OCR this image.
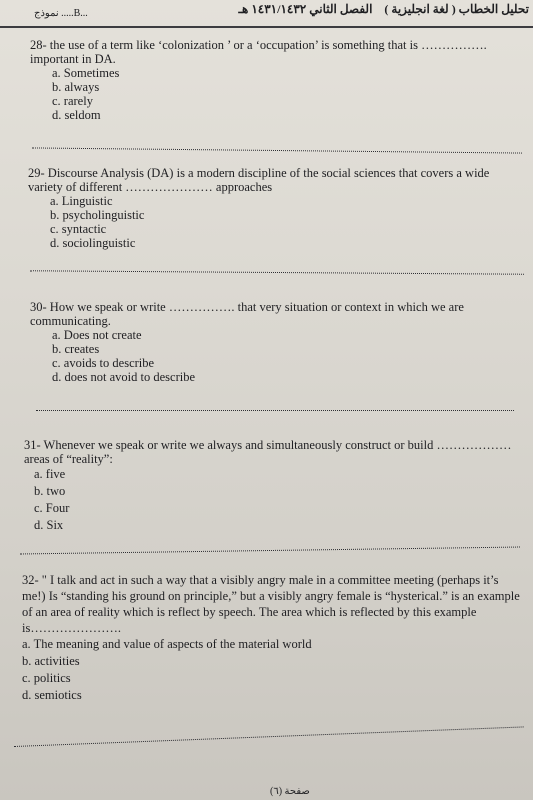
نموذج .....B...	تحليل الخطاب ( لغة انجليزية )    الفصل الثاني ١٤٣١/١٤٣٢ هـ
28- the use of a term like ‘colonization ’ or a ‘occupation’ is something that is ……………. important in DA.
a. Sometimes
b. always
c. rarely
d. seldom
29- Discourse Analysis (DA) is a modern discipline of the social sciences that covers a wide variety of different ………………… approaches
a. Linguistic
b. psycholinguistic
c. syntactic
d. sociolinguistic
30- How we speak or write ……………. that very situation or context in which we are communicating.
a. Does not create
b. creates
c. avoids to describe
d. does not avoid to describe
31- Whenever we speak or write we always and simultaneously construct or build ……………… areas of “reality”:
a. five
b. two
c. Four
d. Six
32- " I talk and act in such a way that a visibly angry male in a committee meeting (perhaps it’s me!) Is “standing his ground on principle,” but a visibly angry female is “hysterical.” is an example of an area of reality which is reflect by speech. The area which is reflected by this example is………………….
a. The meaning and value of aspects of the material world
b. activities
c. politics
d. semiotics
صفحة (٦)
